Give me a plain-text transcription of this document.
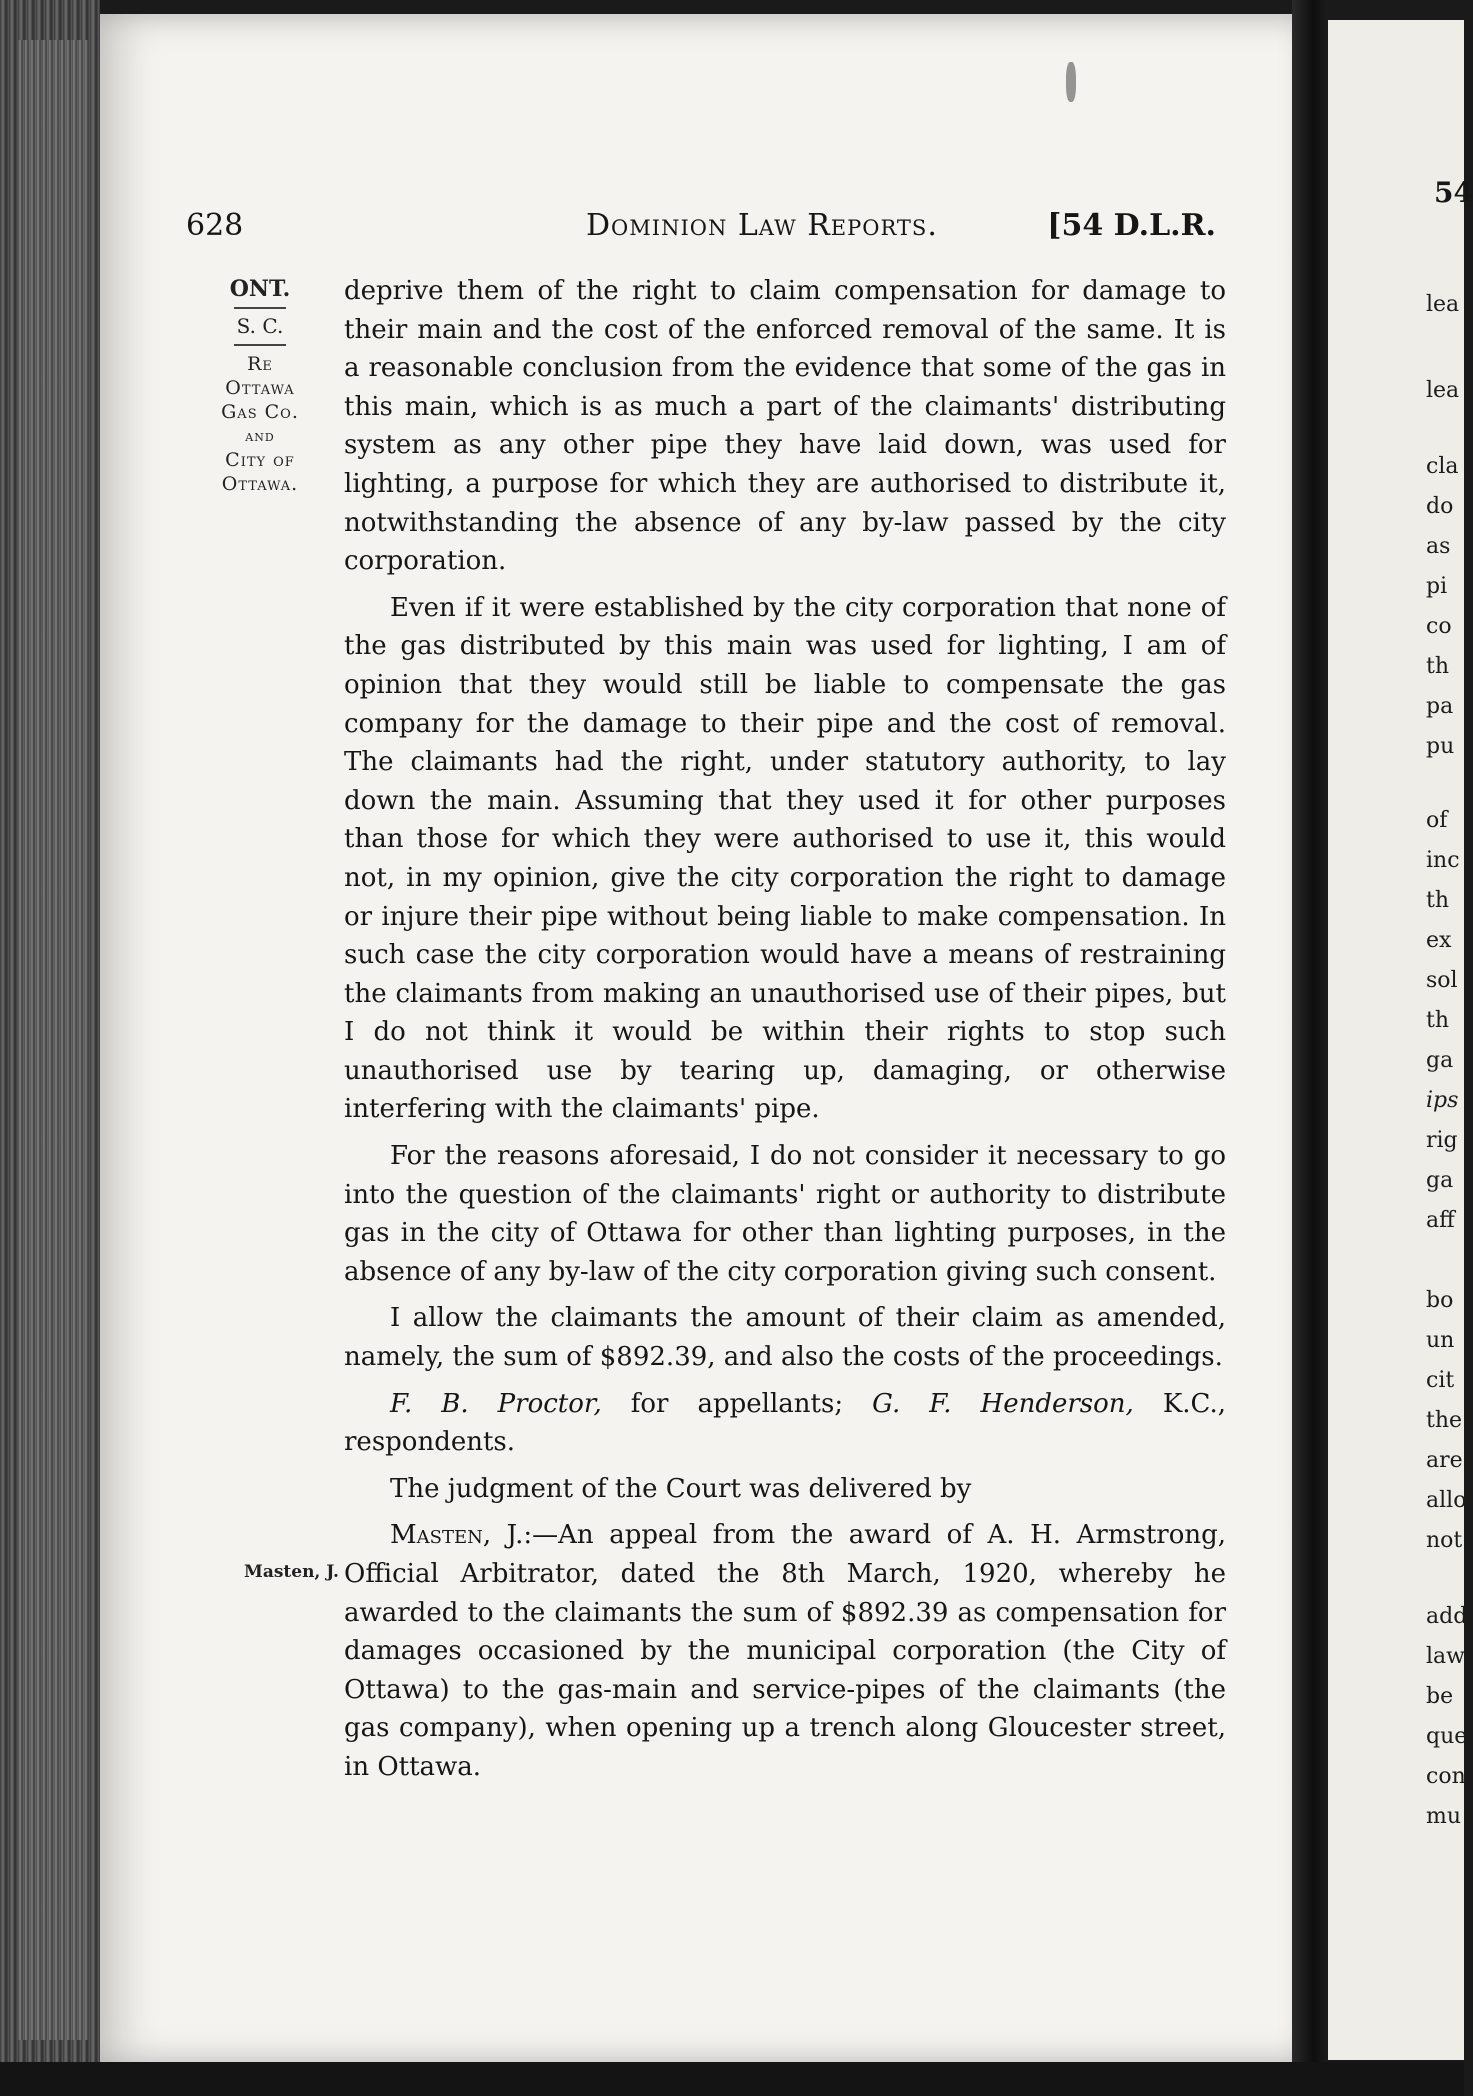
628	Dominion Law Reports.	[54 D.L.R.
ONT.
S. C.
Re
Ottawa
Gas Co.
and
City of
Ottawa.
Masten, J.

deprive them of the right to claim compensation for damage to their main and the cost of the enforced removal of the same. It is a reasonable conclusion from the evidence that some of the gas in this main, which is as much a part of the claimants' distributing system as any other pipe they have laid down, was used for lighting, a purpose for which they are authorised to distribute it, notwithstanding the absence of any by-law passed by the city corporation.

Even if it were established by the city corporation that none of the gas distributed by this main was used for lighting, I am of opinion that they would still be liable to compensate the gas company for the damage to their pipe and the cost of removal. The claimants had the right, under statutory authority, to lay down the main. Assuming that they used it for other purposes than those for which they were authorised to use it, this would not, in my opinion, give the city corporation the right to damage or injure their pipe without being liable to make compensation. In such case the city corporation would have a means of restraining the claimants from making an unauthorised use of their pipes, but I do not think it would be within their rights to stop such unauthorised use by tearing up, damaging, or otherwise interfering with the claimants' pipe.

For the reasons aforesaid, I do not consider it necessary to go into the question of the claimants' right or authority to distribute gas in the city of Ottawa for other than lighting purposes, in the absence of any by-law of the city corporation giving such consent.

I allow the claimants the amount of their claim as amended, namely, the sum of $892.39, and also the costs of the proceedings.

F. B. Proctor, for appellants; G. F. Henderson, K.C., respondents.

The judgment of the Court was delivered by

Masten, J.:—An appeal from the award of A. H. Armstrong, Official Arbitrator, dated the 8th March, 1920, whereby he awarded to the claimants the sum of $892.39 as compensation for damages occasioned by the municipal corporation (the City of Ottawa) to the gas-main and service-pipes of the claimants (the gas company), when opening up a trench along Gloucester street, in Ottawa.

54
lea
lea
cla
do
as
pi
co
th
pa
pu
of
inc
th
ex
sol
th
ga
ips
rig
ga
aff
bo
un
cit
the
are
allo
not
add
law
be
que
con
mu
